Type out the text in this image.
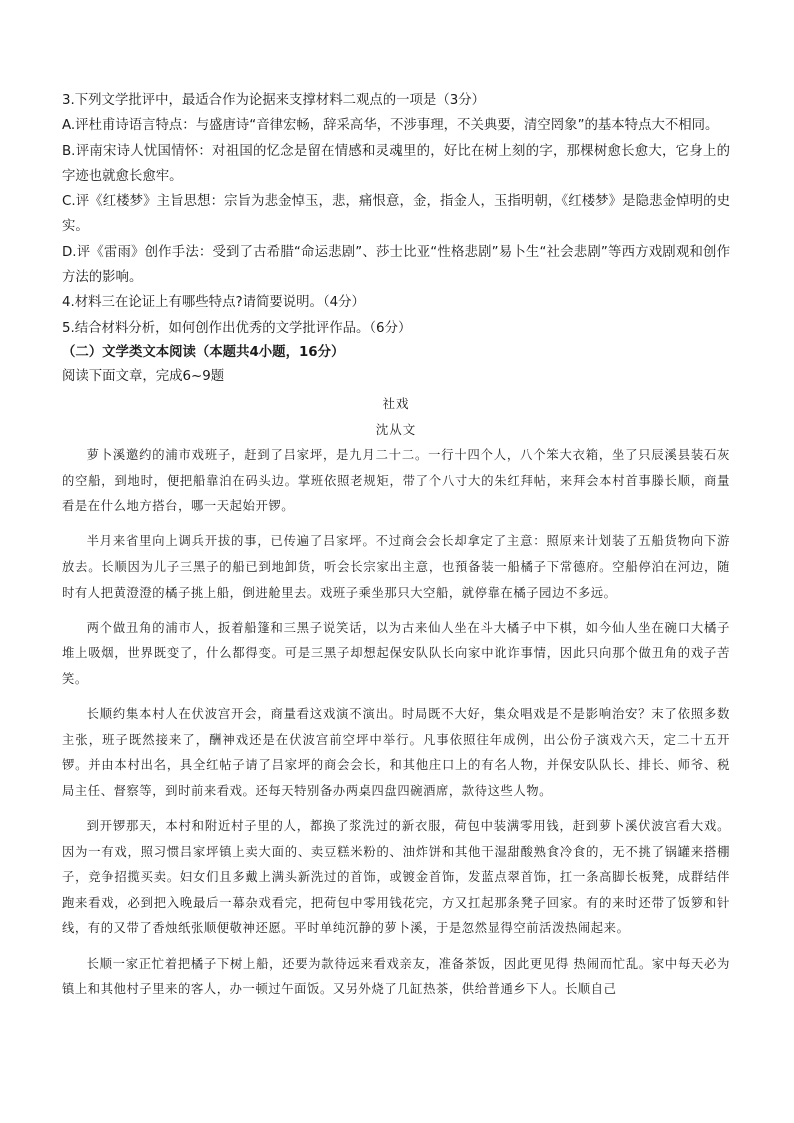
3.下列文学批评中，最适合作为论据来支撑材料二观点的一项是（3分）

A.评杜甫诗语言特点：与盛唐诗“音律宏畅，辞采高华，不涉事理，不关典要，清空罔象”的基本特点大不相同。

B.评南宋诗人忧国情怀：对祖国的忆念是留在情感和灵魂里的，好比在树上刻的字，那棵树愈长愈大，它身上的字迹也就愈长愈牢。

C.评《红楼梦》主旨思想：宗旨为悲金悼玉，悲，痛恨意，金，指金人，玉指明朝，《红楼梦》是隐悲金悼明的史实。

D.评《雷雨》创作手法：受到了古希腊“命运悲剧”、莎士比亚“性格悲剧”易卜生“社会悲剧”等西方戏剧观和创作方法的影响。

4.材料三在论证上有哪些特点?请简要说明。（4分）

5.结合材料分析，如何创作出优秀的文学批评作品。（6分）

（二）文学类文本阅读（本题共4小题，16分）

阅读下面文章，完成6~9题

社戏

沈从文

萝卜溪邀约的浦市戏班子，赶到了吕家坪，是九月二十二。一行十四个人，八个笨大衣箱，坐了只辰溪县装石灰的空船，到地时，便把船靠泊在码头边。掌班依照老规矩，带了个八寸大的朱红拜帖，来拜会本村首事滕长顺，商量看是在什么地方搭台，哪一天起始开锣。

半月来省里向上调兵开拔的事，已传遍了吕家坪。不过商会会长却拿定了主意：照原来计划装了五船货物向下游放去。长顺因为儿子三黑子的船已到地卸货，听会长宗家出主意，也預备装一船橘子下常德府。空船停泊在河边，随时有人把黄澄澄的橘子挑上船，倒进舱里去。戏班子乘坐那只大空船，就停靠在橘子园边不多远。

两个做丑角的浦市人，扳着船篷和三黑子说笑话，以为古来仙人坐在斗大橘子中下棋，如今仙人坐在碗口大橘子堆上吸烟，世界既变了，什么都得变。可是三黑子却想起保安队队长向家中讹诈事情，因此只向那个做丑角的戏子苦笑。

长顺约集本村人在伏波宫开会，商量看这戏演不演出。时局既不大好，集众唱戏是不是影响治安？末了依照多数主张，班子既然接来了，酬神戏还是在伏波宫前空坪中举行。凡事依照往年成例，出公份子演戏六天，定二十五开锣。并由本村出名，具全红帖子请了吕家坪的商会会长，和其他庄口上的有名人物，并保安队队长、排长、师爷、税局主任、督察等，到时前来看戏。还每天特别备办两桌四盘四碗酒席，款待这些人物。

到开锣那天，本村和附近村子里的人，都换了浆洗过的新衣服，荷包中装满零用钱，赶到萝卜溪伏波宫看大戏。因为一有戏，照习惯吕家坪镇上卖大面的、卖豆糕米粉的、油炸饼和其他干湿甜酸熟食冷食的，无不挑了锅罐来搭棚子，竞争招揽买卖。妇女们且多戴上满头新洗过的首饰，或镀金首饰，发蓝点翠首饰，扛一条高脚长板凳，成群结伴跑来看戏，必到把入晚最后一幕杂戏看完，把荷包中零用钱花完，方又扛起那条凳子回家。有的来时还带了饭箩和针线，有的又带了香烛纸张顺便敬神还愿。平时单纯沉静的萝卜溪，于是忽然显得空前活泼热闹起来。

长顺一家正忙着把橘子下树上船，还要为款待远来看戏亲友，准备茶饭，因此更见得 热闹而忙乱。家中每天必为镇上和其他村子里来的客人，办一顿过午面饭。又另外烧了几缸热茶，供给普通乡下人。长顺自己
